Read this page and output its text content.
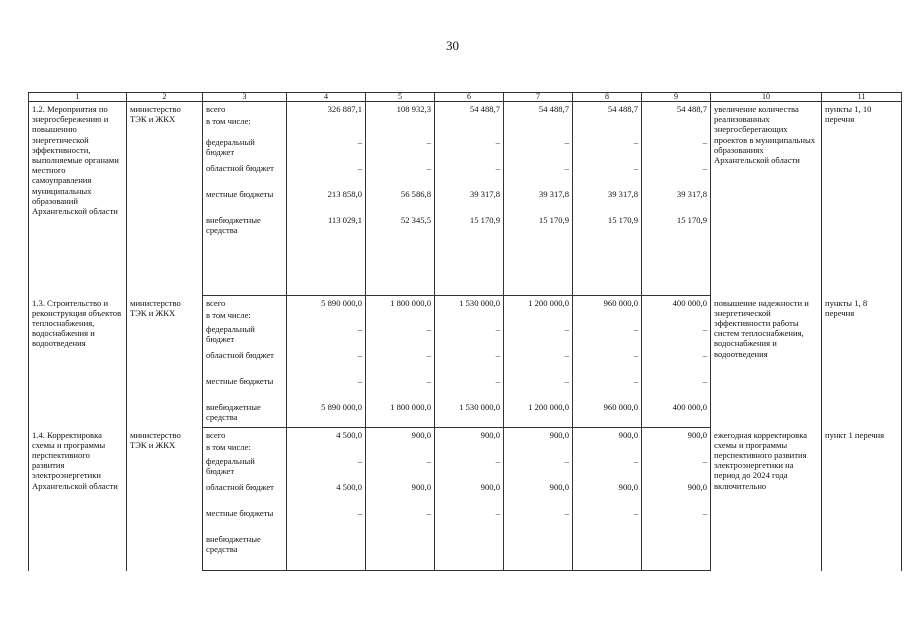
30
1	2	3	4	5	6	7	8	9	10	11
1.2. Мероприятия по энергосбережению и повышению энергетической эффективности, выполняемые органами местного самоуправления муниципальных образований Архангельской области	министерство ТЭК и ЖКХ	всего	326 887,1	108 932,3	54 488,7	54 488,7	54 488,7	54 488,7	увеличение количества реализованных энергосберегающих проектов в муниципальных образованиях Архангельской области	пункты 1, 10 перечня
		в том числе:								
		федеральный бюджет	–	–	–	–	–	–		
		областной бюджет	–	–	–	–	–	–		
		местные бюджеты	213 858,0	56 586,8	39 317,8	39 317,8	39 317,8	39 317,8		
		внебюджетные средства	113 029,1	52 345,5	15 170,9	15 170,9	15 170,9	15 170,9		
1.3. Строительство и реконструкция объектов теплоснабжения, водоснабжения и водоотведения	министерство ТЭК и ЖКХ	всего	5 890 000,0	1 800 000,0	1 530 000,0	1 200 000,0	960 000,0	400 000,0	повышение надежности и энергетической эффективности работы систем теплоснабжения, водоснабжения и водоотведения	пункты 1, 8 перечня
		в том числе:								
		федеральный бюджет	–	–	–	–	–	–		
		областной бюджет	–	–	–	–	–	–		
		местные бюджеты	–	–	–	–	–	–		
		внебюджетные средства	5 890 000,0	1 800 000,0	1 530 000,0	1 200 000,0	960 000,0	400 000,0		
1.4. Корректировка схемы и программы перспективного развития электроэнергетики Архангельской области	министерство ТЭК и ЖКХ	всего	4 500,0	900,0	900,0	900,0	900,0	900,0	ежегодная корректировка схемы и программы перспективного развития электроэнергетики на период до 2024 года включительно	пункт 1 перечня
		в том числе:								
		федеральный бюджет	–	–	–	–	–	–		
		областной бюджет	4 500,0	900,0	900,0	900,0	900,0	900,0		
		местные бюджеты	–	–	–	–	–	–		
		внебюджетные средства								
